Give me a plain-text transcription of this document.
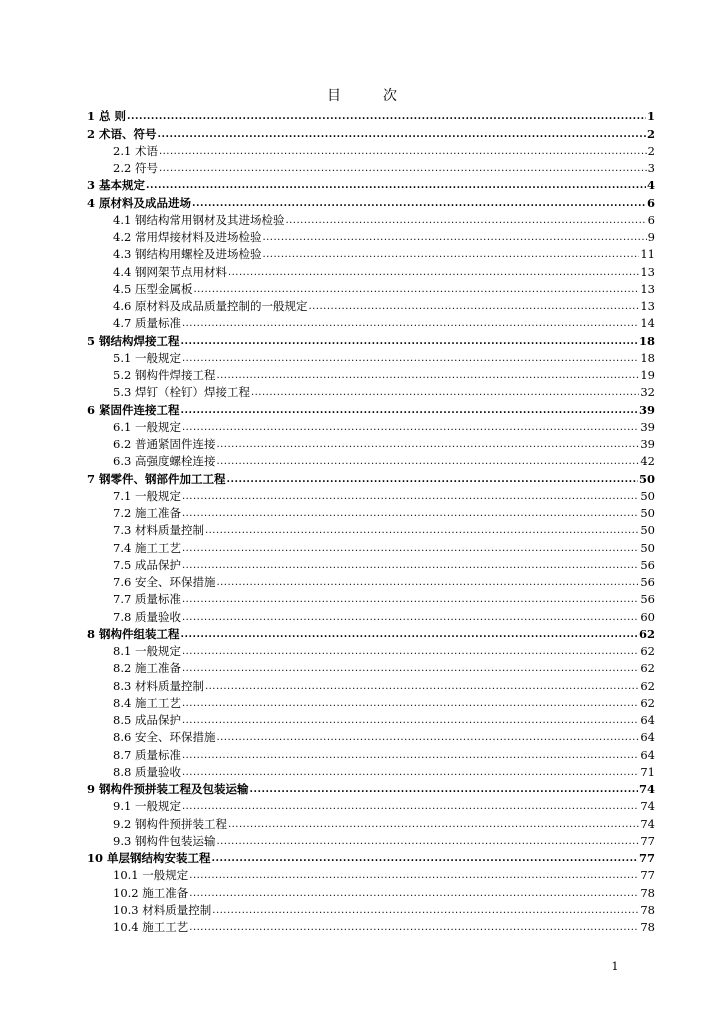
目　次
1 总 则 .....	1
2 术语、符号 .....	2
2.1 术语 .....	2
2.2 符号 .....	3
3 基本规定 .....	4
4 原材料及成品进场 .....	6
4.1 钢结构常用钢材及其进场检验 .....	6
4.2 常用焊接材料及进场检验 .....	9
4.3 钢结构用螺栓及进场检验 .....	11
4.4 钢网架节点用材料 .....	13
4.5 压型金属板 .....	13
4.6 原材料及成品质量控制的一般规定 .....	13
4.7 质量标准 .....	14
5 钢结构焊接工程 .....	18
5.1 一般规定 .....	18
5.2 钢构件焊接工程 .....	19
5.3 焊钉（栓钉）焊接工程 .....	32
6 紧固件连接工程 .....	39
6.1 一般规定 .....	39
6.2 普通紧固件连接 .....	39
6.3 高强度螺栓连接 .....	42
7 钢零件、钢部件加工工程 .....	50
7.1 一般规定 .....	50
7.2 施工准备 .....	50
7.3 材料质量控制 .....	50
7.4 施工工艺 .....	50
7.5 成品保护 .....	56
7.6 安全、环保措施 .....	56
7.7 质量标准 .....	56
7.8 质量验收 .....	60
8 钢构件组装工程 .....	62
8.1 一般规定 .....	62
8.2 施工准备 .....	62
8.3 材料质量控制 .....	62
8.4 施工工艺 .....	62
8.5 成品保护 .....	64
8.6 安全、环保措施 .....	64
8.7 质量标准 .....	64
8.8 质量验收 .....	71
9 钢构件预拼装工程及包装运输 .....	74
9.1 一般规定 .....	74
9.2 钢构件预拼装工程 .....	74
9.3 钢构件包装运输 .....	77
10 单层钢结构安装工程 .....	77
10.1 一般规定 .....	77
10.2 施工准备 .....	78
10.3 材料质量控制 .....	78
10.4 施工工艺 .....	78
1
